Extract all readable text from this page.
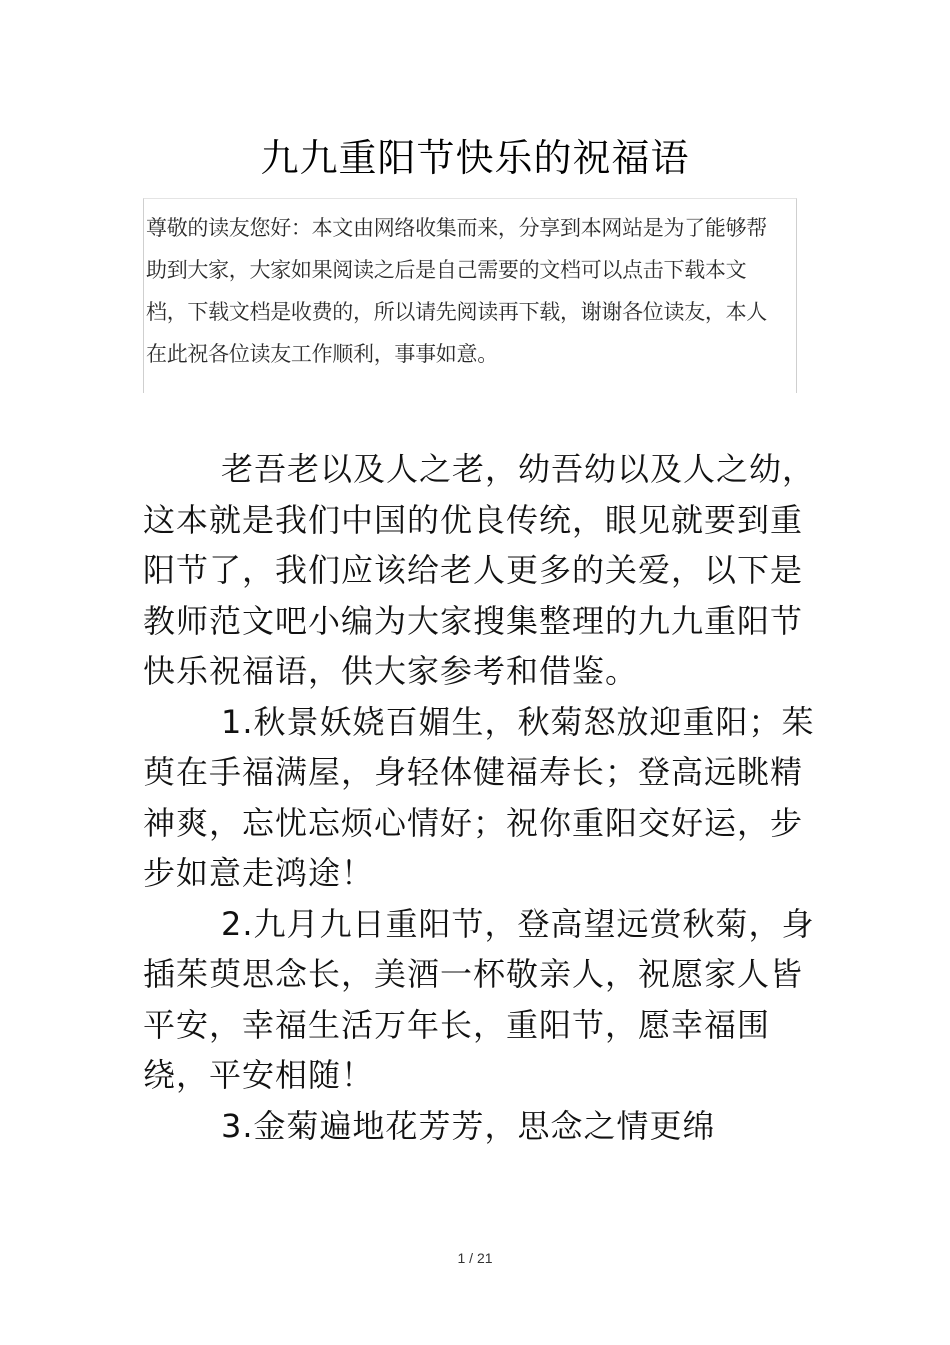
九九重阳节快乐的祝福语
尊敬的读友您好：本文由网络收集而来，分享到本网站是为了能够帮助到大家，大家如果阅读之后是自己需要的文档可以点击下载本文档，下载文档是收费的，所以请先阅读再下载，谢谢各位读友，本人在此祝各位读友工作顺利，事事如意。

老吾老以及人之老，幼吾幼以及人之幼，这本就是我们中国的优良传统，眼见就要到重阳节了，我们应该给老人更多的关爱，以下是教师范文吧小编为大家搜集整理的九九重阳节快乐祝福语，供大家参考和借鉴。

1.秋景妖娆百媚生，秋菊怒放迎重阳；茱萸在手福满屋，身轻体健福寿长；登高远眺精神爽，忘忧忘烦心情好；祝你重阳交好运，步步如意走鸿途！

2.九月九日重阳节，登高望远赏秋菊，身插茱萸思念长，美酒一杯敬亲人，祝愿家人皆平安，幸福生活万年长，重阳节，愿幸福围绕，平安相随！

3.金菊遍地花芳芳，思念之情更绵

1 / 21
